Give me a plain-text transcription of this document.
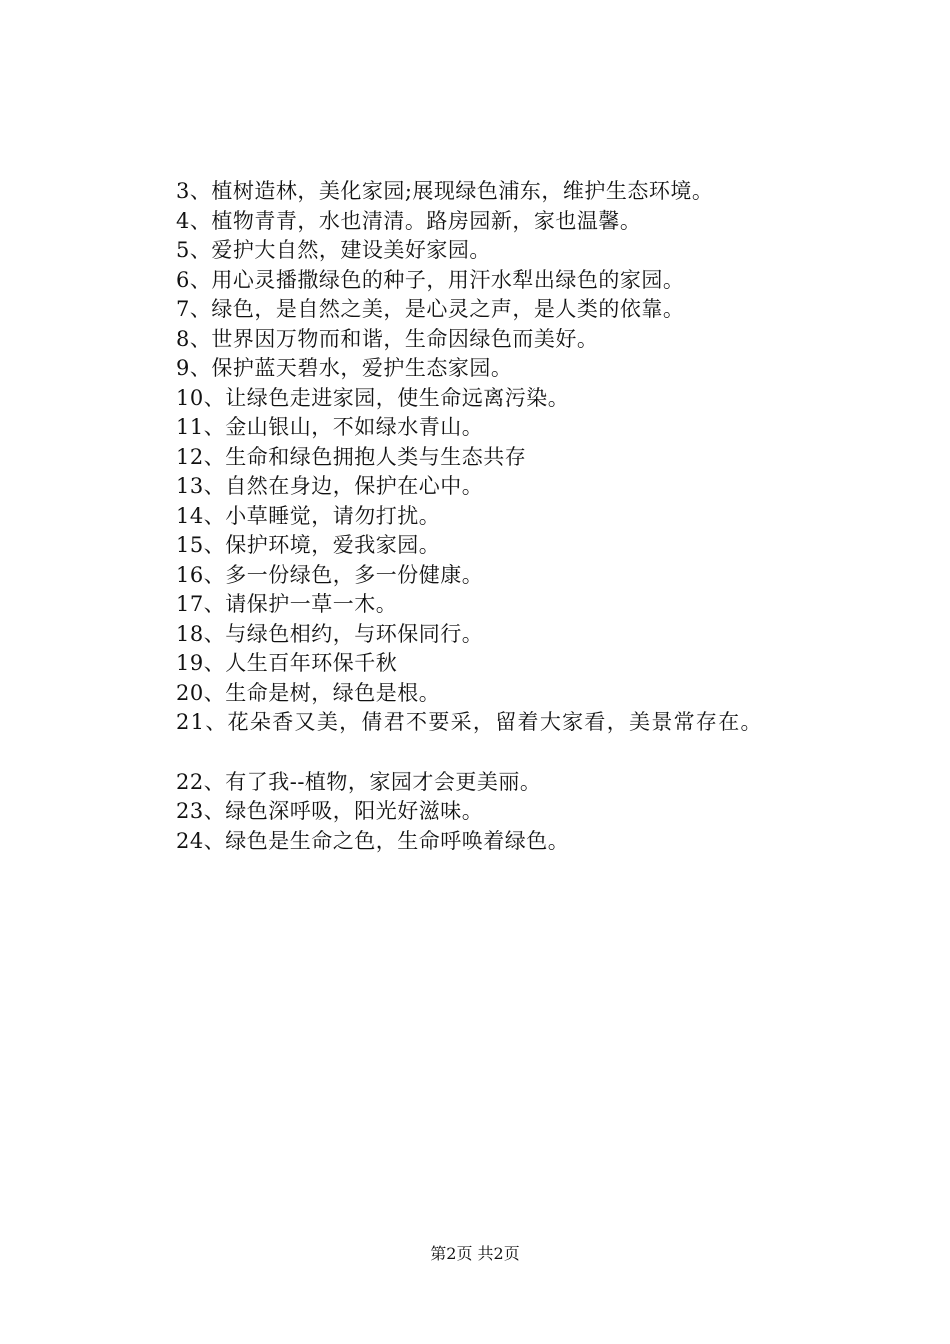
3、植树造林，美化家园;展现绿色浦东，维护生态环境。
4、植物青青，水也清清。路房园新，家也温馨。
5、爱护大自然，建设美好家园。
6、用心灵播撒绿色的种子，用汗水犁出绿色的家园。
7、绿色，是自然之美，是心灵之声，是人类的依靠。
8、世界因万物而和谐，生命因绿色而美好。
9、保护蓝天碧水，爱护生态家园。
10、让绿色走进家园，使生命远离污染。
11、金山银山，不如绿水青山。
12、生命和绿色拥抱人类与生态共存
13、自然在身边，保护在心中。
14、小草睡觉，请勿打扰。
15、保护环境，爱我家园。
16、多一份绿色，多一份健康。
17、请保护一草一木。
18、与绿色相约，与环保同行。
19、人生百年环保千秋
20、生命是树，绿色是根。
21、花朵香又美，倩君不要采，留着大家看，美景常存在。
22、有了我--植物，家园才会更美丽。
23、绿色深呼吸，阳光好滋味。
24、绿色是生命之色，生命呼唤着绿色。
第2页 共2页
